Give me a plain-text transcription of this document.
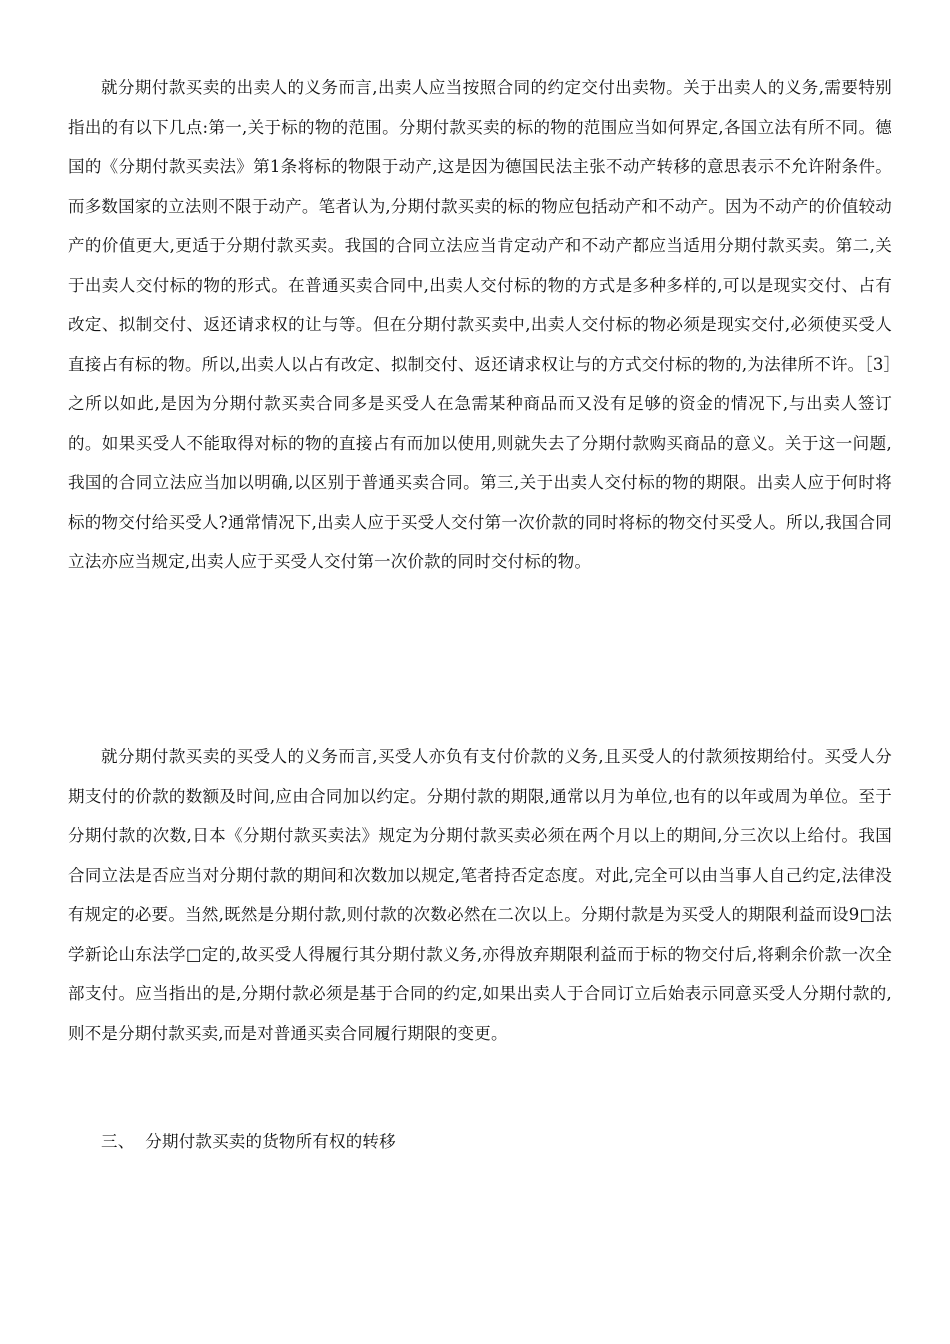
就分期付款买卖的出卖人的义务而言,出卖人应当按照合同的约定交付出卖物。关于出卖人的义务,需要特别指出的有以下几点:第一,关于标的物的范围。分期付款买卖的标的物的范围应当如何界定,各国立法有所不同。德国的《分期付款买卖法》第1条将标的物限于动产,这是因为德国民法主张不动产转移的意思表示不允许附条件。而多数国家的立法则不限于动产。笔者认为,分期付款买卖的标的物应包括动产和不动产。因为不动产的价值较动产的价值更大,更适于分期付款买卖。我国的合同立法应当肯定动产和不动产都应当适用分期付款买卖。第二,关于出卖人交付标的物的形式。在普通买卖合同中,出卖人交付标的物的方式是多种多样的,可以是现实交付、占有改定、拟制交付、返还请求权的让与等。但在分期付款买卖中,出卖人交付标的物必须是现实交付,必须使买受人直接占有标的物。所以,出卖人以占有改定、拟制交付、返还请求权让与的方式交付标的物的,为法律所不许。［3］之所以如此,是因为分期付款买卖合同多是买受人在急需某种商品而又没有足够的资金的情况下,与出卖人签订的。如果买受人不能取得对标的物的直接占有而加以使用,则就失去了分期付款购买商品的意义。关于这一问题,我国的合同立法应当加以明确,以区别于普通买卖合同。第三,关于出卖人交付标的物的期限。出卖人应于何时将标的物交付给买受人?通常情况下,出卖人应于买受人交付第一次价款的同时将标的物交付买受人。所以,我国合同立法亦应当规定,出卖人应于买受人交付第一次价款的同时交付标的物。

就分期付款买卖的买受人的义务而言,买受人亦负有支付价款的义务,且买受人的付款须按期给付。买受人分期支付的价款的数额及时间,应由合同加以约定。分期付款的期限,通常以月为单位,也有的以年或周为单位。至于分期付款的次数,日本《分期付款买卖法》规定为分期付款买卖必须在两个月以上的期间,分三次以上给付。我国合同立法是否应当对分期付款的期间和次数加以规定,笔者持否定态度。对此,完全可以由当事人自己约定,法律没有规定的必要。当然,既然是分期付款,则付款的次数必然在二次以上。分期付款是为买受人的期限利益而设9□法学新论山东法学□定的,故买受人得履行其分期付款义务,亦得放弃期限利益而于标的物交付后,将剩余价款一次全部支付。应当指出的是,分期付款必须是基于合同的约定,如果出卖人于合同订立后始表示同意买受人分期付款的,则不是分期付款买卖,而是对普通买卖合同履行期限的变更。

三、  分期付款买卖的货物所有权的转移
